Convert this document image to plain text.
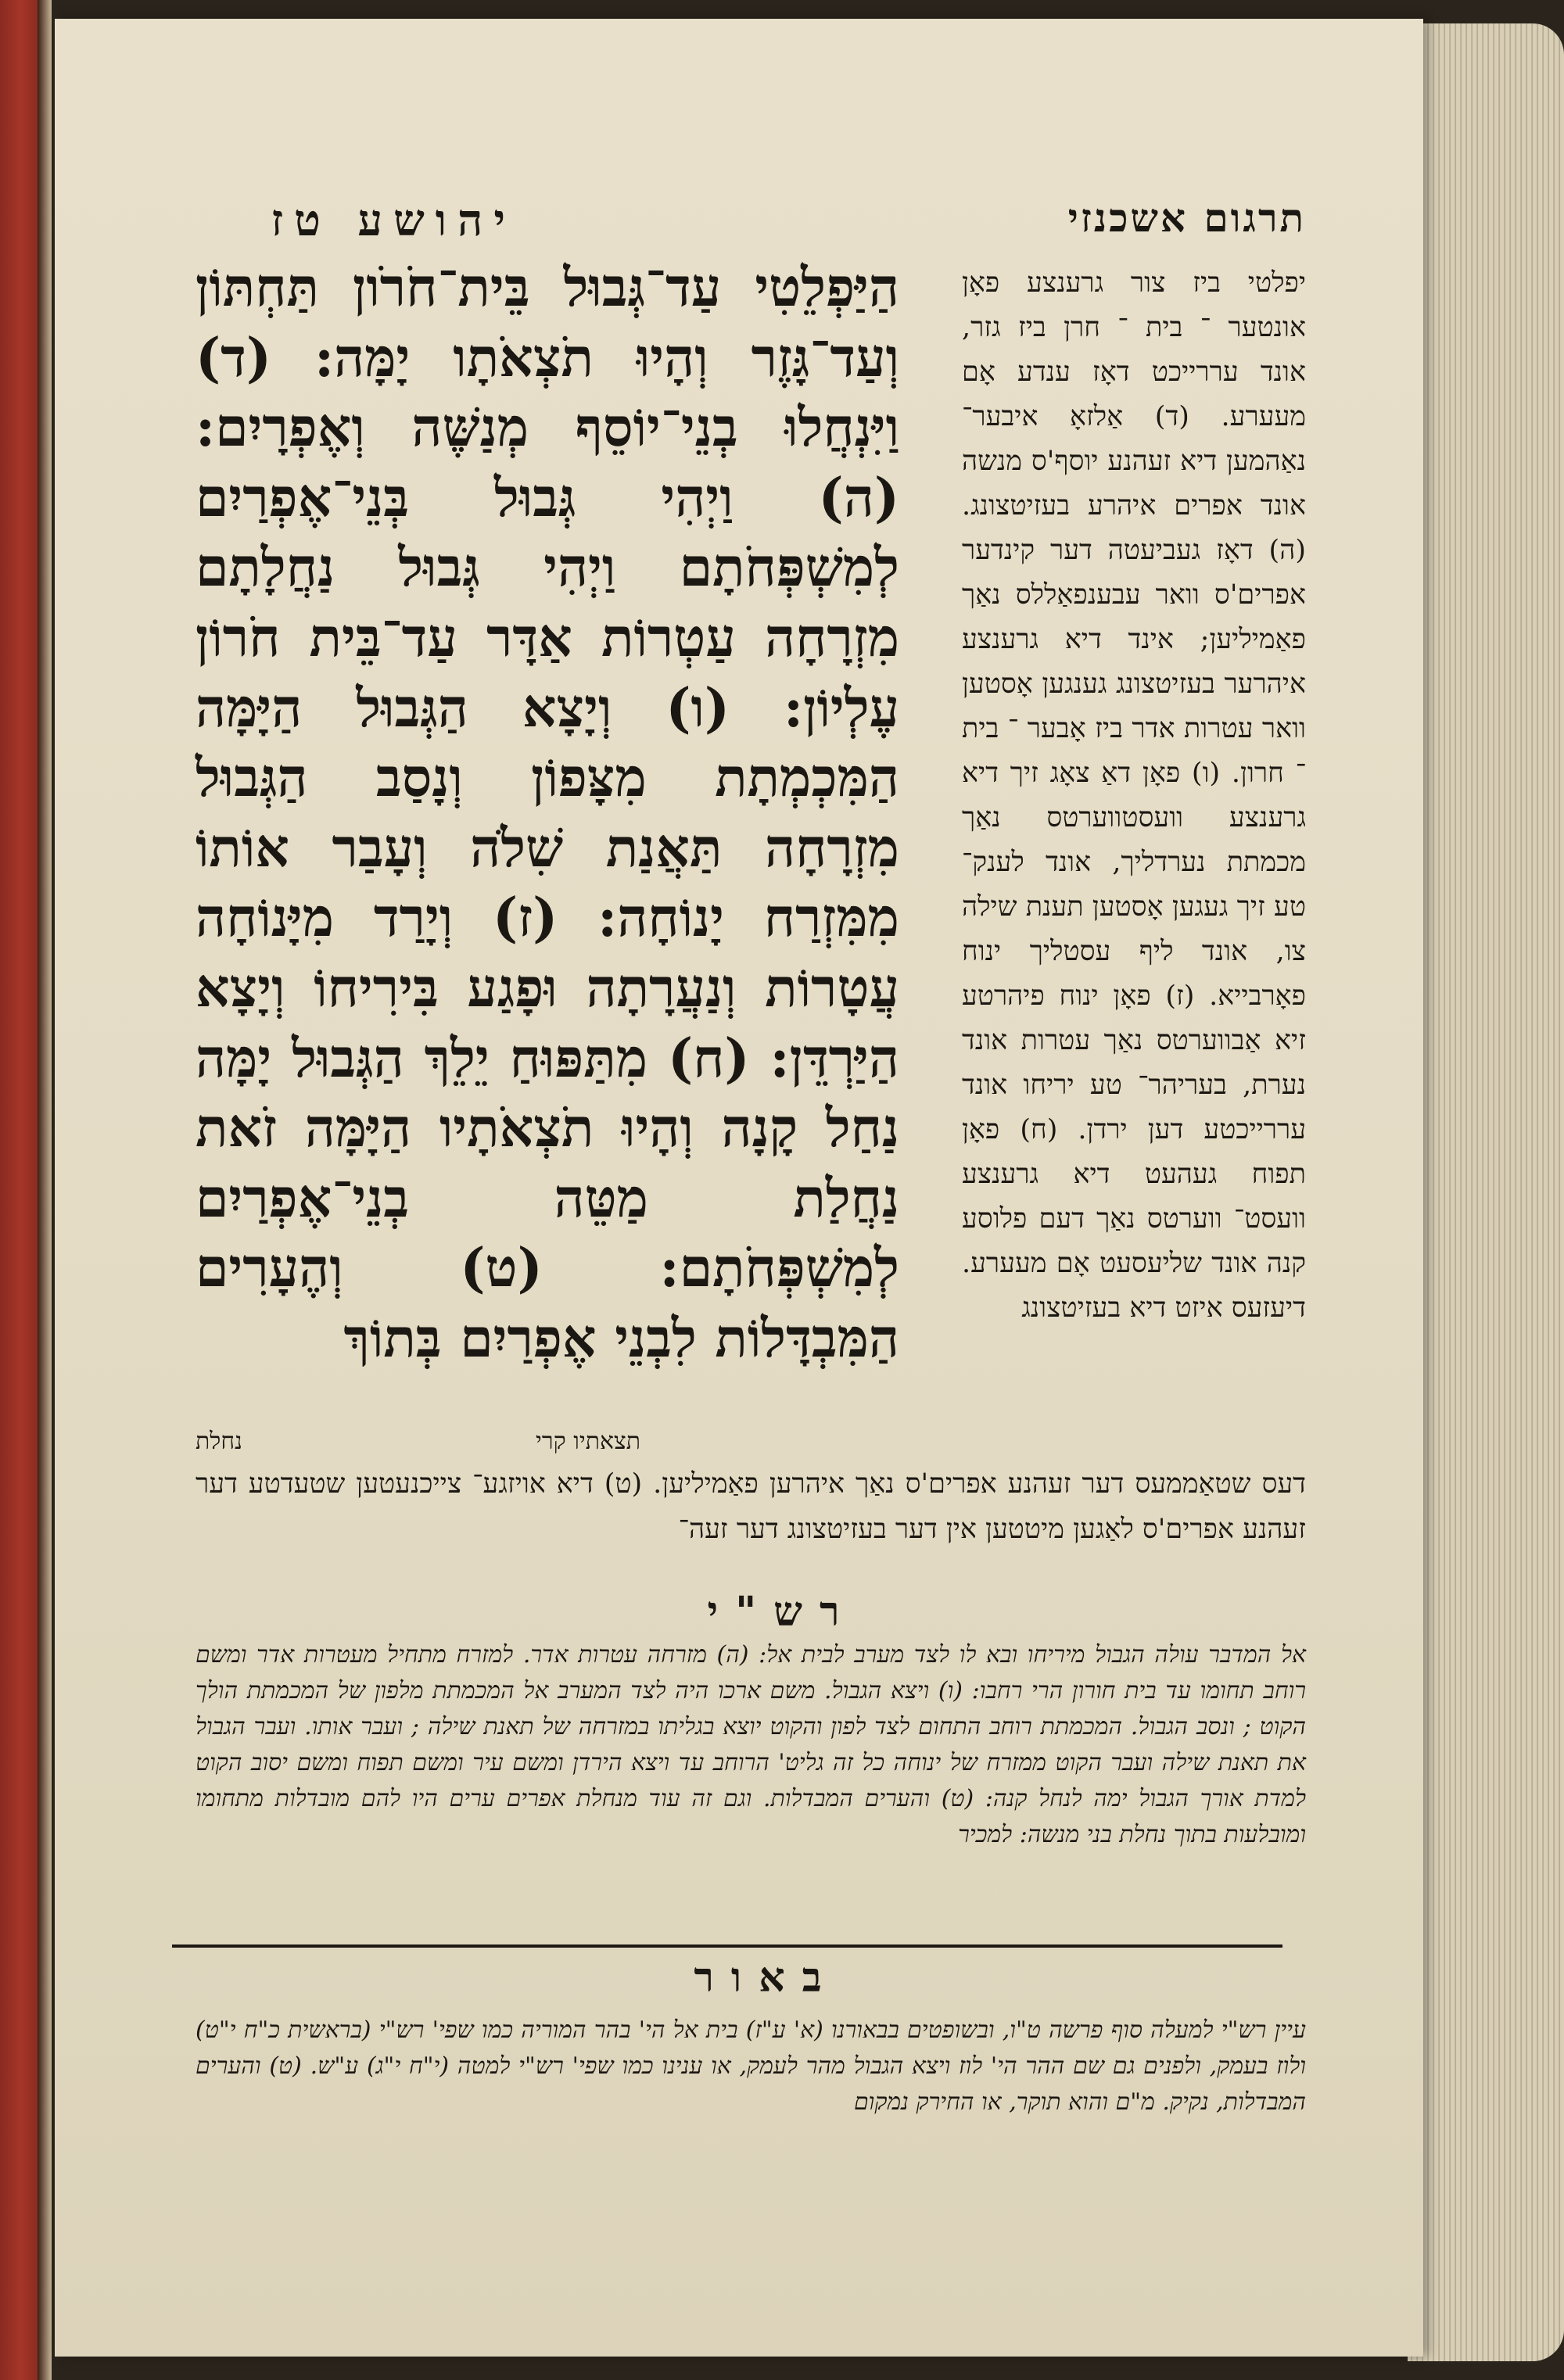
תרגום אשכנזי
יהושע טז

יפלטי ביז צור גרענצע פאָן אונטער ־ בית ־ חרן ביז גזר, אונד עררייכט דאָז ענדע אָם מעערע. (ד) אַלזאָ איבער־ נאַהמען דיא זעהנע יוסף'ס מנשה אונד אפרים איהרע בעזיטצונג. (ה) דאָז געביעטה דער קינדער אפרים'ס וואר עבענפאַללס נאַך פאַמיליען; אינד דיא גרענצע איהרער בעזיטצונג גענגען אָסטען וואר עטרות אדר ביז אָבער ־ בית ־ חרון. (ו) פאָן דאַ צאָג זיך דיא גרענצע וועסטווערטס נאַך מכמתת נערדליך, אונד לענק־ טע זיך געגען אָסטען תענת שילה צו, אונד ליף עסטליך ינוח פאָרבייא. (ז) פאָן ינוח פיהרטע זיא אַבווערטס נאַך עטרות אונד נערת, בעריהר־ טע יריחו אונד עררייכטע דען ירדן. (ח) פאָן תפוח געהעט דיא גרענצע וועסט־ ווערטס נאַך דעם פלוסע קנה אונד שליעסעט אָם מעערע. דיעזעס איזט דיא בעזיטצונג

הַיַּפְלֵטִי עַד־גְּבוּל בֵּית־חֹרֹון תַּחְתּוֹן וְעַד־גָּזֶר וְהָיוּ תֹצְאֹתָו יָמָּה: (ד) וַיִּנְחֲלוּ בְנֵי־יוֹסֵף מְנַשֶּׁה וְאֶפְרָיִם: (ה) וַיְהִי גְּבוּל בְּנֵי־אֶפְרַיִם לְמִשְׁפְּחֹתָם וַיְהִי גְּבוּל נַחֲלָתָם מִזְרָחָה עַטְרוֹת אַדָּר עַד־בֵּית חֹרוֹן עֶלְיוֹן: (ו) וְיָצָא הַגְּבוּל הַיָּמָּה הַמִּכְמְתָת מִצָּפוֹן וְנָסַב הַגְּבוּל מִזְרָחָה תַּאֲנַת שִׁלֹה וְעָבַר אוֹתוֹ מִמִּזְרַח יָנוֹחָה: (ז) וְיָרַד מִיָּנוֹחָה עֲטָרוֹת וְנַעֲרָתָה וּפָגַע בִּירִיחוֹ וְיָצָא הַיַּרְדֵּן: (ח) מִתַּפּוּחַ יֵלֵךְ הַגְּבוּל יָמָּה נַחַל קָנָה וְהָיוּ תֹצְאֹתָיו הַיָּמָּה זֹאת נַחֲלַת מַטֵּה בְנֵי־אֶפְרַיִם לְמִשְׁפְּחֹתָם: (ט) וְהֶעָרִים הַמִּבְדָּלוֹת לִבְנֵי אֶפְרַיִם בְּתוֹךְ

תצאתיו קרי

נחלת

דעס שטאַממעס דער זעהנע אפרים'ס נאַך איהרען פאַמיליען. (ט) דיא אויזגע־ צייכנעטען שטעדטע דער זעהנע אפרים'ס לאַגען מיטטען אין דער בעזיטצונג דער זעה־

רש"י

אל המדבר עולה הגבול מיריחו ובא לו לצד מערב לבית אל: (ה) מזרחה עטרות אדר. למזרח מתחיל מעטרות אדר ומשם רוחב תחומו עד בית חורון הרי רחבו: (ו) ויצא הגבול. משם ארכו היה לצד המערב אל המכמתת מלפון של המכמתת הולך הקוט ; ונסב הגבול. המכמתת רוחב התחום לצד לפון והקוט יוצא בגליתו במזרחה של תאנת שילה ; ועבר אותו. ועבר הגבול את תאנת שילה ועבר הקוט ממזרח של ינוחה כל זה גליט' הרוחב עד ויצא הירדן ומשם עיר ומשם תפוח ומשם יסוב הקוט למדת אורך הגבול ימה לנחל קנה: (ט) והערים המבדלות. וגם זה עוד מנחלת אפרים ערים היו להם מובדלות מתחומו ומובלעות בתוך נחלת בני מנשה: למכיר

באור

עיין רש"י למעלה סוף פרשה ט"ו, ובשופטים בבאורנו (א' ע"ז) בית אל הי' בהר המוריה כמו שפי' רש"י (בראשית כ"ח י"ט) ולוז בעמק, ולפנים גם שם ההר הי' לוז ויצא הגבול מהר לעמק, או ענינו כמו שפי' רש"י למטה (י"ח י"ג) ע"ש. (ט) והערים המבדלות, נקיק. מ"ם והוא תוקר, או החירק נמקום
